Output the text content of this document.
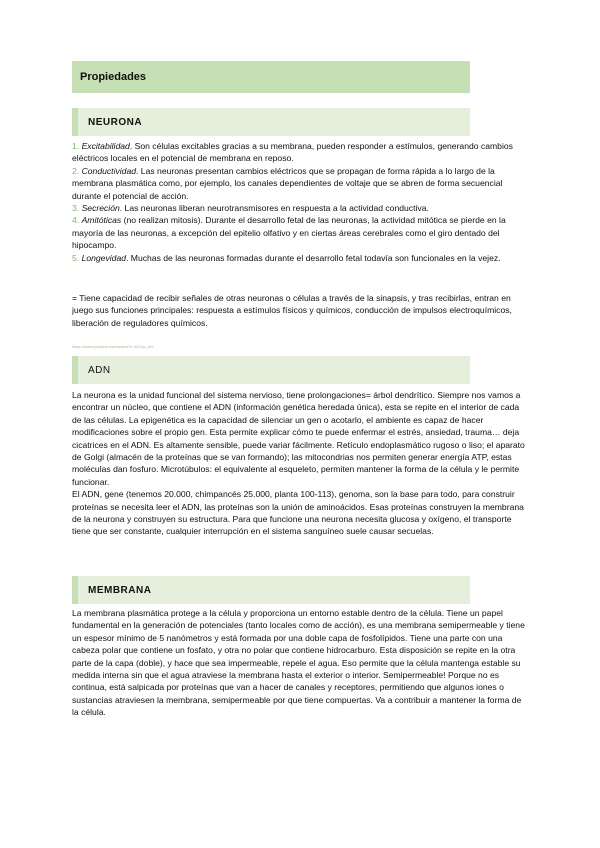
Propiedades
NEURONA

1. Excitabilidad. Son células excitables gracias a su membrana, pueden responder a estímulos, generando cambios eléctricos locales en el potencial de membrana en reposo.

2. Conductividad. Las neuronas presentan cambios eléctricos que se propagan de forma rápida a lo largo de la membrana plasmática como, por ejemplo, los canales dependientes de voltaje que se abren de forma secuencial durante el potencial de acción.

3. Secreción. Las neuronas liberan neurotransmisores en respuesta a la actividad conductiva.

4. Amitóticas (no realizan mitosis). Durante el desarrollo fetal de las neuronas, la actividad mitótica se pierde en la mayoría de las neuronas, a excepción del epitelio olfativo y en ciertas áreas cerebrales como el giro dentado del hipocampo.

5. Longevidad. Muchas de las neuronas formadas durante el desarrollo fetal todavía son funcionales en la vejez.

= Tiene capacidad de recibir señales de otras neuronas o células a través de la sinapsis, y tras recibirlas, entran en juego sus funciones principales: respuesta a estímulos físicos y químicos, conducción de impulsos electroquímicos, liberación de reguladores químicos.

https://www.youtube.com/watch?v=KGOp_hrc
ADN

La neurona es la unidad funcional del sistema nervioso, tiene prolongaciones= árbol dendrítico. Siempre nos vamos a encontrar un núcleo, que contiene el ADN (información genética heredada única), esta se repite en el interior de cada de las células. La epigenética es la capacidad de silenciar un gen o acotarlo, el ambiente es capaz de hacer modificaciones sobre el propio gen. Esta permite explicar cómo te puede enfermar el estrés, ansiedad, trauma… deja cicatrices en el ADN. Es altamente sensible, puede variar fácilmente. Retículo endoplasmático rugoso o liso; el aparato de Golgi (almacén de la proteínas que se van formando); las mitocondrias nos permiten generar energía ATP, estas moléculas dan fosfuro. Microtúbulos: el equivalente al esqueleto, permiten mantener la forma de la célula y le permite funcionar.

El ADN, gene (tenemos 20.000, chimpancés 25.000, planta 100-113), genoma, son la base para todo, para construir proteínas se necesita leer el ADN, las proteínas son la unión de aminoácidos. Esas proteínas construyen la membrana de la neurona y construyen su estructura. Para que funcione una neurona necesita glucosa y oxígeno, el transporte tiene que ser constante, cualquier interrupción en el sistema sanguíneo suele causar secuelas.

MEMBRANA

La membrana plasmática protege a la célula y proporciona un entorno estable dentro de la célula. Tiene un papel fundamental en la generación de potenciales (tanto locales como de acción), es una membrana semipermeable y tiene un espesor mínimo de 5 nanómetros y está formada por una doble capa de fosfolípidos. Tiene una parte con una cabeza polar que contiene un fosfato, y otra no polar que contiene hidrocarburo. Esta disposición se repite en la otra parte de la capa (doble), y hace que sea impermeable, repele el agua. Eso permite que la célula mantenga estable su medida interna sin que el agua atraviese la membrana hasta el exterior o interior. Semipermeable! Porque no es continua, está salpicada por proteínas que van a hacer de canales y receptores, permitiendo que algunos iones o sustancias atraviesen la membrana, semipermeable por que tiene compuertas. Va a contribuir a mantener la forma de la célula.
